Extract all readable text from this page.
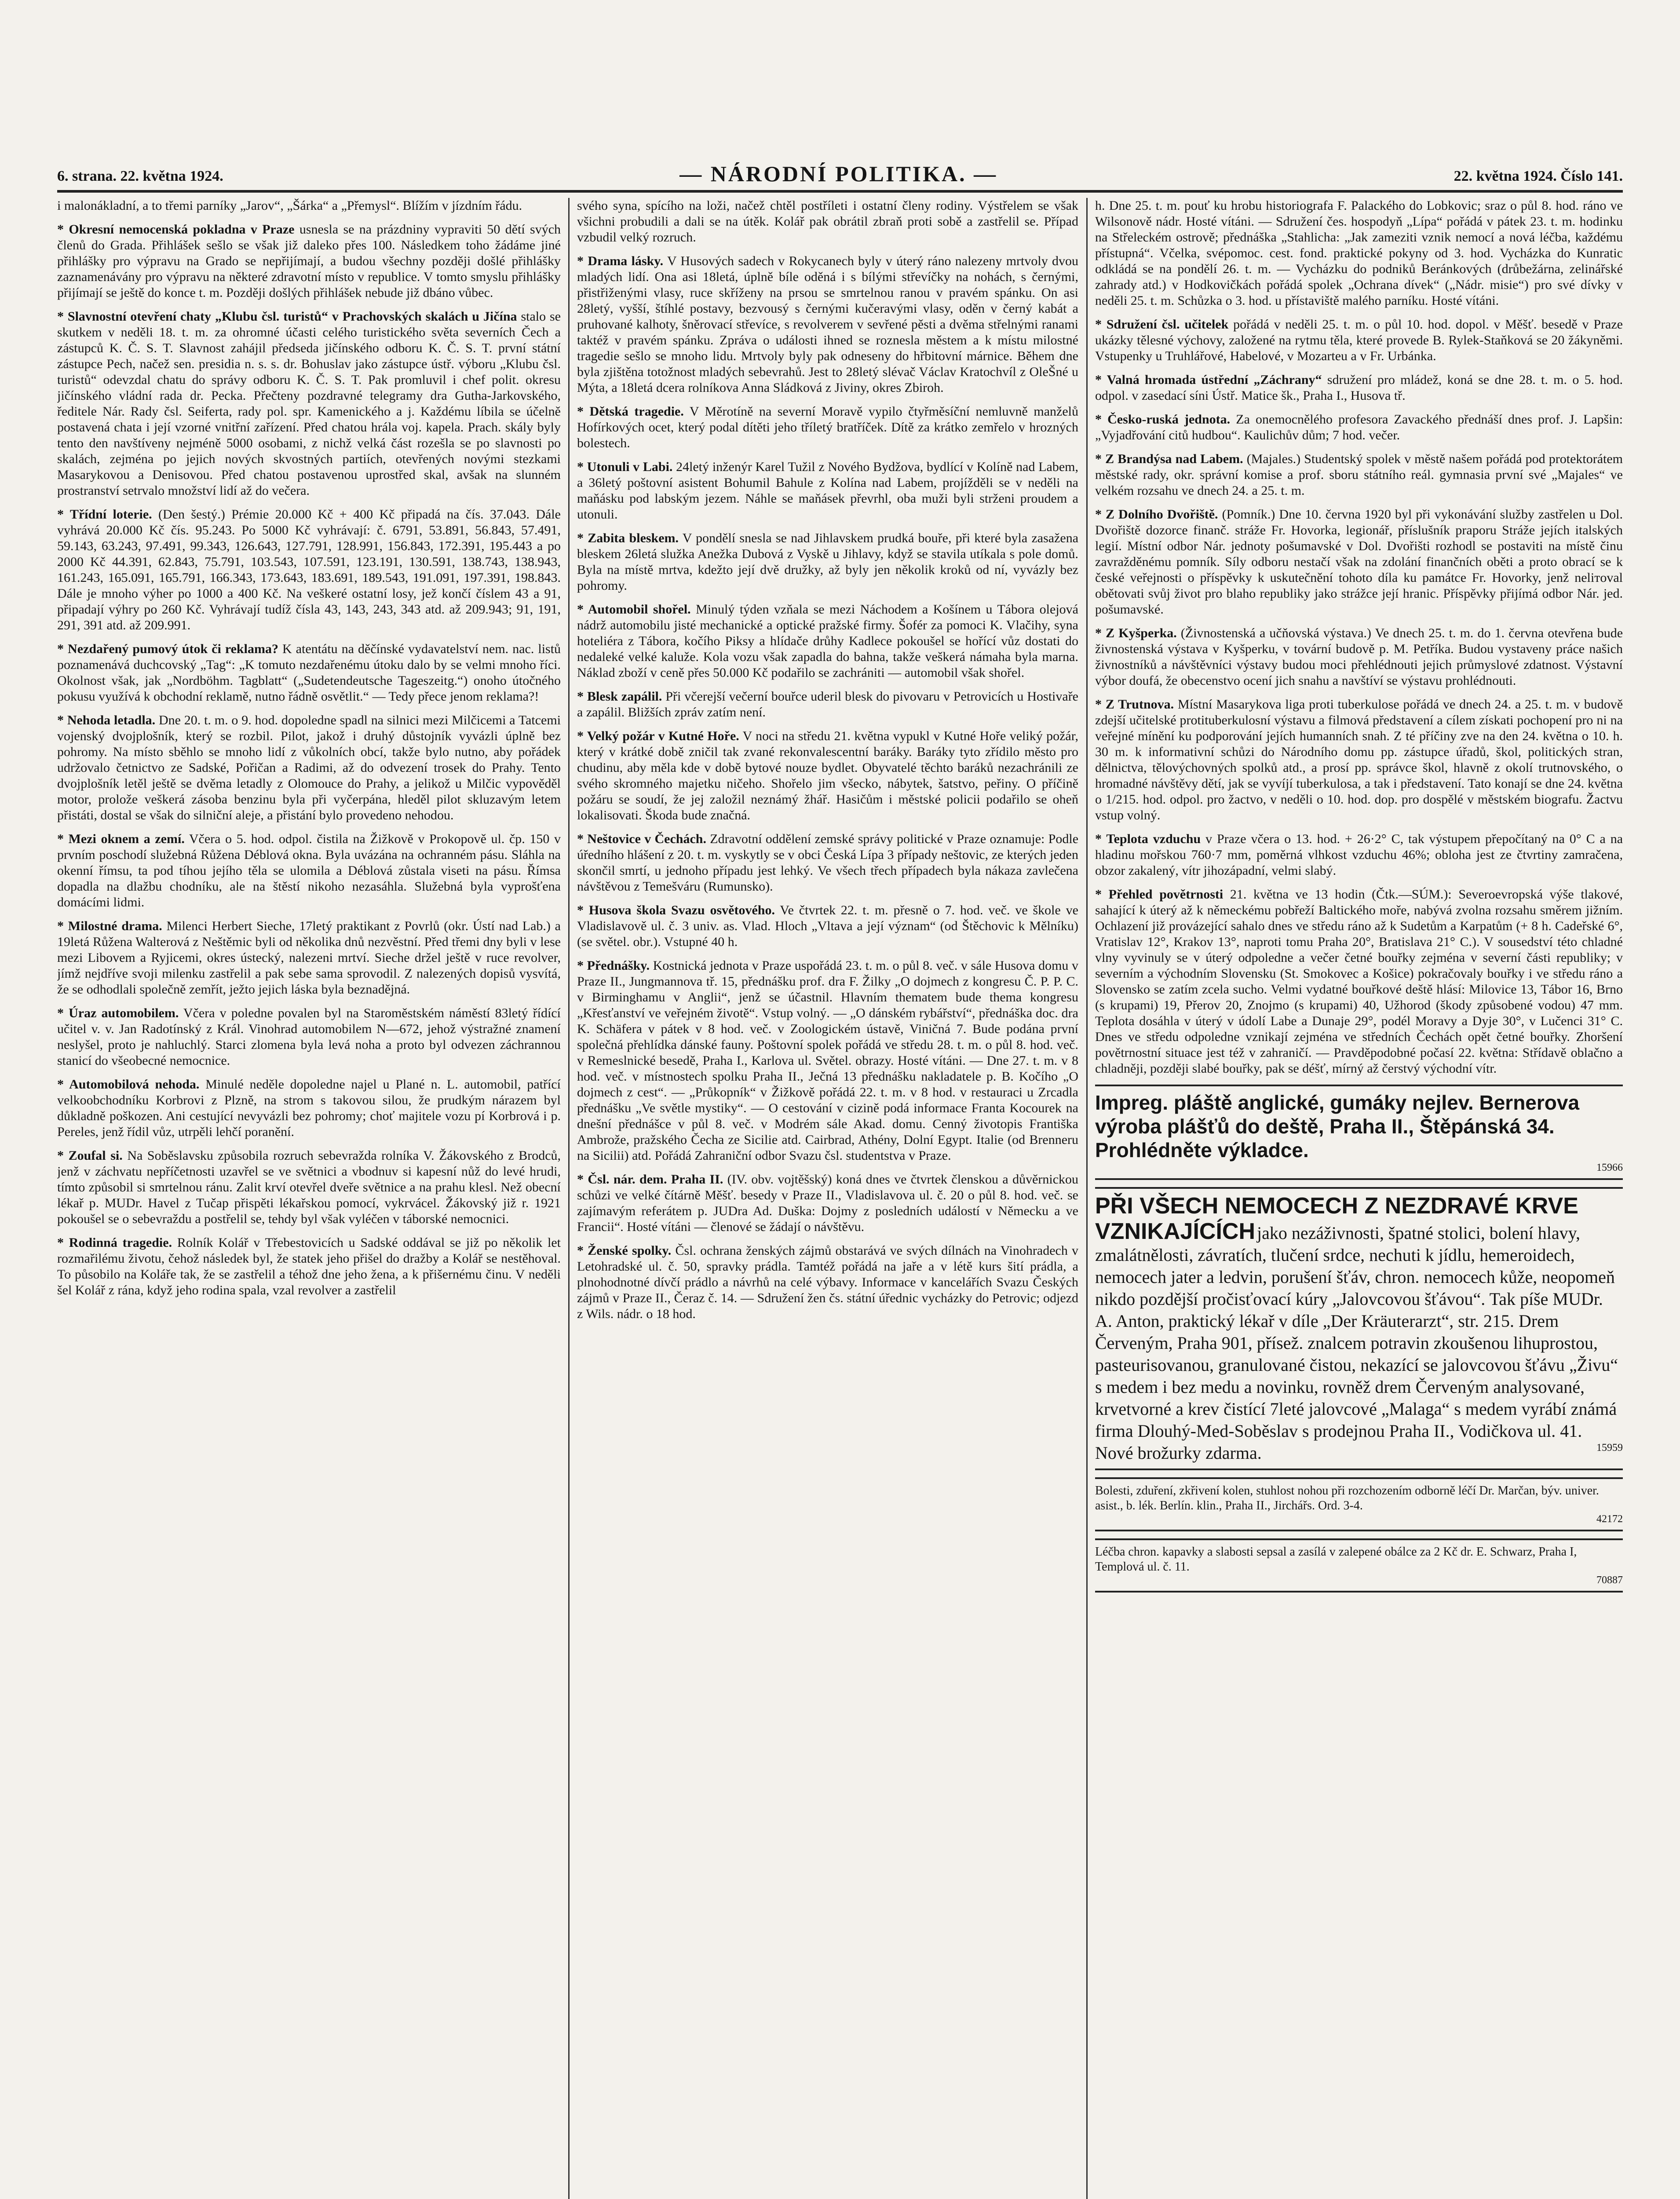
6. strana. 22. května 1924.	— NÁRODNÍ POLITIKA. —	22. května 1924. Číslo 141.

i malonákladní, a to třemi parníky „Jarov“, „Šárka“ a „Přemysl“. Blížím v jízdním řádu.

* Okresní nemocenská pokladna v Praze usnesla se na prázdniny vypraviti 50 dětí svých členů do Grada. Přihlášek sešlo se však již daleko přes 100. Následkem toho žádáme jiné přihlášky pro výpravu na Grado se nepřijímají, a budou všechny později došlé přihlášky zaznamenávány pro výpravu na některé zdravotní místo v republice. V tomto smyslu přihlášky přijímají se ještě do konce t. m. Později došlých přihlášek nebude již dbáno vůbec.

* Slavnostní otevření chaty „Klubu čsl. turistů“ v Prachovských skalách u Jičína stalo se skutkem v neděli 18. t. m. za ohromné účasti celého turistického světa severních Čech a zástupců K. Č. S. T. Slavnost zahájil předseda jičínského odboru K. Č. S. T. první státní zástupce Pech, načež sen. presidia n. s. s. dr. Bohuslav jako zástupce ústř. výboru „Klubu čsl. turistů“ odevzdal chatu do správy odboru K. Č. S. T. Pak promluvil i chef polit. okresu jičínského vládní rada dr. Pecka. Přečteny pozdravné telegramy dra Gutha-Jarkovského, ředitele Nár. Rady čsl. Seiferta, rady pol. spr. Kamenického a j. Každému líbila se účelně postavená chata i její vzorné vnitřní zařízení. Před chatou hrála voj. kapela. Prach. skály byly tento den navštíveny nejméně 5000 osobami, z nichž velká část rozešla se po slavnosti po skalách, zejména po jejich nových skvostných partiích, otevřených novými stezkami Masarykovou a Denisovou. Před chatou postavenou uprostřed skal, avšak na slunném prostranství setrvalo množství lidí až do večera.

* Třídní loterie. (Den šestý.) Prémie 20.000 Kč + 400 Kč připadá na čís. 37.043. Dále vyhrává 20.000 Kč čís. 95.243. Po 5000 Kč vyhrávají: č. 6791, 53.891, 56.843, 57.491, 59.143, 63.243, 97.491, 99.343, 126.643, 127.791, 128.991, 156.843, 172.391, 195.443 a po 2000 Kč 44.391, 62.843, 75.791, 103.543, 107.591, 123.191, 130.591, 138.743, 138.943, 161.243, 165.091, 165.791, 166.343, 173.643, 183.691, 189.543, 191.091, 197.391, 198.843. Dále je mnoho výher po 1000 a 400 Kč. Na veškeré ostatní losy, jež končí číslem 43 a 91, připadají výhry po 260 Kč. Vyhrávají tudíž čísla 43, 143, 243, 343 atd. až 209.943; 91, 191, 291, 391 atd. až 209.991.

* Nezdařený pumový útok či reklama? K atentátu na děčínské vydavatelství nem. nac. listů poznamenává duchcovský „Tag“: „K tomuto nezdařenému útoku dalo by se velmi mnoho říci. Okolnost však, jak „Nordböhm. Tagblatt“ („Sudetendeutsche Tageszeitg.“) onoho útočného pokusu využívá k obchodní reklamě, nutno řádně osvětlit.“ — Tedy přece jenom reklama?!

* Nehoda letadla. Dne 20. t. m. o 9. hod. dopoledne spadl na silnici mezi Milčicemi a Tatcemi vojenský dvojplošník, který se rozbil. Pilot, jakož i druhý důstojník vyvázli úplně bez pohromy. Na místo sběhlo se mnoho lidí z vůkolních obcí, takže bylo nutno, aby pořádek udržovalo četnictvo ze Sadské, Pořičan a Radimi, až do odvezení trosek do Prahy. Tento dvojplošník letěl ještě se dvěma letadly z Olomouce do Prahy, a jelikož u Milčic vypověděl motor, prolože veškerá zásoba benzinu byla při vyčerpána, hleděl pilot skluzavým letem přistáti, dostal se však do silniční aleje, a přistání bylo provedeno nehodou.

* Mezi oknem a zemí. Včera o 5. hod. odpol. čistila na Žižkově v Prokopově ul. čp. 150 v prvním poschodí služebná Růžena Déblová okna. Byla uvázána na ochranném pásu. Sláhla na okenní římsu, ta pod tíhou jejího těla se ulomila a Déblová zůstala viseti na pásu. Římsa dopadla na dlažbu chodníku, ale na štěstí nikoho nezasáhla. Služebná byla vyprošťena domácími lidmi.

* Milostné drama. Milenci Herbert Sieche, 17letý praktikant z Povrlů (okr. Ústí nad Lab.) a 19letá Růžena Walterová z Neštěmic byli od několika dnů nezvěstní. Před třemi dny byli v lese mezi Libovem a Ryjicemi, okres ústecký, nalezeni mrtví. Sieche držel ještě v ruce revolver, jímž nejdříve svoji milenku zastřelil a pak sebe sama sprovodil. Z nalezených dopisů vysvítá, že se odhodlali společně zemřít, ježto jejich láska byla beznadějná.

* Úraz automobilem. Včera v poledne povalen byl na Staroměstském náměstí 83letý řídící učitel v. v. Jan Radotínský z Král. Vinohrad automobilem N—672, jehož výstražné znamení neslyšel, proto je nahluchlý. Starci zlomena byla levá noha a proto byl odvezen záchrannou stanicí do všeobecné nemocnice.

* Automobilová nehoda. Minulé neděle dopoledne najel u Plané n. L. automobil, patřící velkoobchodníku Korbrovi z Plzně, na strom s takovou silou, že prudkým nárazem byl důkladně poškozen. Ani cestující nevyvázli bez pohromy; choť majitele vozu pí Korbrová i p. Pereles, jenž řídil vůz, utrpěli lehčí poranění.

* Zoufal si. Na Soběslavsku způsobila rozruch sebevražda rolníka V. Žákovského z Brodců, jenž v záchvatu nepříčetnosti uzavřel se ve světnici a vbodnuv si kapesní nůž do levé hrudi, tímto způsobil si smrtelnou ránu. Zalit krví otevřel dveře světnice a na prahu klesl. Než obecní lékař p. MUDr. Havel z Tučap přispěti lékařskou pomocí, vykrvácel. Žákovský již r. 1921 pokoušel se o sebevraždu a postřelil se, tehdy byl však vyléčen v táborské nemocnici.

* Rodinná tragedie. Rolník Kolář v Třebestovicích u Sadské oddával se již po několik let rozmařilému životu, čehož následek byl, že statek jeho přišel do dražby a Kolář se nestěhoval. To působilo na Koláře tak, že se zastřelil a téhož dne jeho žena, a k přišernému činu. V neděli šel Kolář z rána, když jeho rodina spala, vzal revolver a zastřelil

svého syna, spícího na loži, načež chtěl postříleti i ostatní členy rodiny. Výstřelem se však všichni probudili a dali se na útěk. Kolář pak obrátil zbraň proti sobě a zastřelil se. Případ vzbudil velký rozruch.

* Drama lásky. V Husových sadech v Rokycanech byly v úterý ráno nalezeny mrtvoly dvou mladých lidí. Ona asi 18letá, úplně bíle oděná i s bílými střevíčky na nohách, s černými, přistřiženými vlasy, ruce skříženy na prsou se smrtelnou ranou v pravém spánku. On asi 28letý, vyšší, štíhlé postavy, bezvousý s černými kučeravými vlasy, oděn v černý kabát a pruhované kalhoty, šněrovací střevíce, s revolverem v sevřené pěsti a dvěma střelnými ranami taktéž v pravém spánku. Zpráva o události ihned se roznesla městem a k místu milostné tragedie sešlo se mnoho lidu. Mrtvoly byly pak odneseny do hřbitovní márnice. Během dne byla zjištěna totožnost mladých sebevrahů. Jest to 28letý slévač Václav Kratochvíl z OleŠné u Mýta, a 18letá dcera rolníkova Anna Sládková z Jiviny, okres Zbiroh.

* Dětská tragedie. V Měrotíně na severní Moravě vypilo čtyřměsíční nemluvně manželů Hofírkových ocet, který podal dítěti jeho tříletý bratříček. Dítě za krátko zemřelo v hrozných bolestech.

* Utonuli v Labi. 24letý inženýr Karel Tužil z Nového Bydžova, bydlící v Kolíně nad Labem, a 36letý poštovní asistent Bohumil Bahule z Kolína nad Labem, projížděli se v neděli na maňásku pod labským jezem. Náhle se maňásek převrhl, oba muži byli strženi proudem a utonuli.

* Zabita bleskem. V pondělí snesla se nad Jihlavskem prudká bouře, při které byla zasažena bleskem 26letá služka Anežka Dubová z Vyskě u Jihlavy, když se stavila utíkala s pole domů. Byla na místě mrtva, kdežto její dvě družky, až byly jen několik kroků od ní, vyvázly bez pohromy.

* Automobil shořel. Minulý týden vzňala se mezi Náchodem a Košínem u Tábora olejová nádrž automobilu jisté mechanické a optické pražské firmy. Šofér za pomoci K. Vlačihy, syna hoteliéra z Tábora, kočího Piksy a hlídače drůhy Kadlece pokoušel se hořící vůz dostati do nedaleké velké kaluže. Kola vozu však zapadla do bahna, takže veškerá námaha byla marna. Náklad zboží v ceně přes 50.000 Kč podařilo se zachrániti — automobil však shořel.

* Blesk zapálil. Při včerejší večerní bouřce uderil blesk do pivovaru v Petrovicích u Hostivaře a zapálil. Bližších zpráv zatím není.

* Velký požár v Kutné Hoře. V noci na středu 21. května vypukl v Kutné Hoře veliký požár, který v krátké době zničil tak zvané rekonvalescentní baráky. Baráky tyto zřídilo město pro chudinu, aby měla kde v době bytové nouze bydlet. Obyvatelé těchto baráků nezachránili ze svého skromného majetku ničeho. Shořelo jim všecko, nábytek, šatstvo, peřiny. O příčině požáru se soudí, že jej založil neznámý žhář. Hasičům i městské policii podařilo se oheň lokalisovati. Škoda bude značná.

* Neštovice v Čechách. Zdravotní oddělení zemské správy politické v Praze oznamuje: Podle úředního hlášení z 20. t. m. vyskytly se v obci Česká Lípa 3 případy neštovic, ze kterých jeden skončil smrtí, u jednoho případu jest lehký. Ve všech třech případech byla nákaza zavlečena návštěvou z Temešváru (Rumunsko).

* Husova škola Svazu osvětového. Ve čtvrtek 22. t. m. přesně o 7. hod. več. ve škole ve Vladislavově ul. č. 3 univ. as. Vlad. Hloch „Vltava a její význam“ (od Štěchovic k Mělníku) (se světel. obr.). Vstupné 40 h.

* Přednášky. Kostnická jednota v Praze uspořádá 23. t. m. o půl 8. več. v sále Husova domu v Praze II., Jungmannova tř. 15, přednášku prof. dra F. Žilky „O dojmech z kongresu Č. P. P. C. v Birminghamu v Anglii“, jenž se účastnil. Hlavním thematem bude thema kongresu „Křesťanství ve veřejném životě“. Vstup volný. — „O dánském rybářství“, přednáška doc. dra K. Schäfera v pátek v 8 hod. več. v Zoologickém ústavě, Viničná 7. Bude podána první společná přehlídka dánské fauny. Poštovní spolek pořádá ve středu 28. t. m. o půl 8. hod. več. v Remeslnické besedě, Praha I., Karlova ul. Světel. obrazy. Hosté vítáni. — Dne 27. t. m. v 8 hod. več. v místnostech spolku Praha II., Ječná 13 přednášku nakladatele p. B. Kočího „O dojmech z cest“. — „Průkopník“ v Žižkově pořádá 22. t. m. v 8 hod. v restauraci u Zrcadla přednášku „Ve světle mystiky“. — O cestování v cizině podá informace Franta Kocourek na dnešní přednášce v půl 8. več. v Modrém sále Akad. domu. Cenný životopis Františka Ambrože, pražského Čecha ze Sicilie atd. Cairbrad, Athény, Dolní Egypt. Italie (od Brenneru na Sicilii) atd. Pořádá Zahraniční odbor Svazu čsl. studentstva v Praze.

* Čsl. nár. dem. Praha II. (IV. obv. vojtěšský) koná dnes ve čtvrtek členskou a důvěrnickou schůzi ve velké čítárně Měšť. besedy v Praze II., Vladislavova ul. č. 20 o půl 8. hod. več. se zajímavým referátem p. JUDra Ad. Duška: Dojmy z posledních událostí v Německu a ve Francii“. Hosté vítáni — členové se žádají o návštěvu.

* Ženské spolky. Čsl. ochrana ženských zájmů obstarává ve svých dílnách na Vinohradech v Letohradské ul. č. 50, spravky prádla. Tamtéž pořádá na jaře a v létě kurs šití prádla, a plnohodnotné dívčí prádlo a návrhů na celé výbavy. Informace v kancelářích Svazu Českých zájmů v Praze II., Čeraz č. 14. — Sdružení žen čs. státní úřednic vycházky do Petrovic; odjezd z Wils. nádr. o 18 hod.

h. Dne 25. t. m. pouť ku hrobu historiografa F. Palackého do Lobkovic; sraz o půl 8. hod. ráno ve Wilsonově nádr. Hosté vítáni. — Sdružení čes. hospodyň „Lípa“ pořádá v pátek 23. t. m. hodinku na Střeleckém ostrově; přednáška „Stahlicha: „Jak zameziti vznik nemocí a nová léčba, každému přístupná“. Včelka, svépomoc. cest. fond. praktické pokyny od 3. hod. Vycházka do Kunratic odkládá se na pondělí 26. t. m. — Vycházku do podniků Beránkových (drůbežárna, zelinářské zahrady atd.) v Hodkovičkách pořádá spolek „Ochrana dívek“ („Nádr. misie“) pro své dívky v neděli 25. t. m. Schůzka o 3. hod. u přístaviště malého parníku. Hosté vítáni.

* Sdružení čsl. učitelek pořádá v neděli 25. t. m. o půl 10. hod. dopol. v Měšť. besedě v Praze ukázky tělesné výchovy, založené na rytmu těla, které provede B. Rylek-Staňková se 20 žákyněmi. Vstupenky u Truhlářové, Habelové, v Mozarteu a v Fr. Urbánka.

* Valná hromada ústřední „Záchrany“ sdružení pro mládež, koná se dne 28. t. m. o 5. hod. odpol. v zasedací síni Ústř. Matice šk., Praha I., Husova tř.

* Česko-ruská jednota. Za onemocnělého profesora Zavackého přednáší dnes prof. J. Lapšin: „Vyjadřování citů hudbou“. Kaulichův dům; 7 hod. večer.

* Z Brandýsa nad Labem. (Majales.) Studentský spolek v městě našem pořádá pod protektorátem městské rady, okr. správní komise a prof. sboru státního reál. gymnasia první své „Majales“ ve velkém rozsahu ve dnech 24. a 25. t. m.

* Z Dolního Dvořiště. (Pomník.) Dne 10. června 1920 byl při vykonávání služby zastřelen u Dol. Dvořiště dozorce finanč. stráže Fr. Hovorka, legionář, příslušník praporu Stráže jejích italských legií. Místní odbor Nár. jednoty pošumavské v Dol. Dvořišti rozhodl se postaviti na místě činu zavražděnému pomník. Síly odboru nestačí však na zdolání finančních oběti a proto obrací se k české veřejnosti o příspěvky k uskutečnění tohoto díla ku památce Fr. Hovorky, jenž neliтoval obětovati svůj život pro blaho republiky jako strážce její hranic. Příspěvky přijímá odbor Nár. jed. pošumavské.

* Z Kyšperka. (Živnostenská a učňovská výstava.) Ve dnech 25. t. m. do 1. června otevřena bude živnostenská výstava v Kyšperku, v tovární budově p. M. Petříka. Budou vystaveny práce našich živnostníků a návštěvníci výstavy budou moci přehlédnouti jejich průmyslové zdatnost. Výstavní výbor doufá, že obecenstvo ocení jich snahu a navštíví se výstavu prohlédnouti.

* Z Trutnova. Místní Masarykova liga proti tuberkulose pořádá ve dnech 24. a 25. t. m. v budově zdejší učitelské protituberkulosní výstavu a filmová představení a cílem získati pochopení pro ni na veřejné mínění ku podporování jejích humanních snah. Z té příčiny zve na den 24. května o 10. h. 30 m. k informativní schůzi do Národního domu pp. zástupce úřadů, škol, politických stran, dělnictva, tělovýchovných spolků atd., a prosí pp. správce škol, hlavně z okolí trutnovského, o hromadné návštěvy dětí, jak se vyvíjí tuberkulosa, a tak i představení. Tato konají se dne 24. května o 1/215. hod. odpol. pro žactvo, v neděli o 10. hod. dop. pro dospělé v městském biografu. Žactvu vstup volný.

* Teplota vzduchu v Praze včera o 13. hod. + 26·2° C, tak výstupem přepočítaný na 0° C a na hladinu mořskou 760·7 mm, poměrná vlhkost vzduchu 46%; obloha jest ze čtvrtiny zamračena, obzor zakalený, vítr jihozápadní, velmi slabý.

* Přehled povětrnosti 21. května ve 13 hodin (Čtk.—SÚM.): Severoevropská výše tlakové, sahající k úterý až k německému pobřeží Baltického moře, nabývá zvolna rozsahu směrem jižním. Ochlazení již provázející sahalo dnes ve středu ráno až k Sudetům a Karpatům (+ 8 h. Cadeřské 6°, Vratislav 12°, Krakov 13°, naproti tomu Praha 20°, Bratislava 21° C.). V sousedství této chladné vlny vyvinuly se v úterý odpoledne a večer četné bouřky zejména v severní části republiky; v severním a východním Slovensku (St. Smokovec a Košice) pokračovaly bouřky i ve středu ráno a Slovensko se zatím zcela sucho. Velmi vydatné bouřkové deště hlásí: Milovice 13, Tábor 16, Brno (s krupami) 19, Přerov 20, Znojmo (s krupami) 40, Užhorod (škody způsobené vodou) 47 mm. Teplota dosáhla v úterý v údolí Labe a Dunaje 29°, podél Moravy a Dyje 30°, v Lučenci 31° C. Dnes ve středu odpoledne vznikají zejména ve středních Čechách opět četné bouřky. Zhoršení povětrnostní situace jest též v zahraničí. — Pravděpodobné počasí 22. května: Střídavě oblačno a chladněji, později slabé bouřky, pak se déšť, mírný až čerstvý východní vítr.

Impreg. pláště anglické, gumáky nejlev. Bernerova výroba plášťů do deště, Praha II., Štěpánská 34. Prohlédněte výkladce.
15966
PŘI VŠECH NEMOCECH Z NEZDRAVÉ KRVE VZNIKAJÍCÍCH jako nezáživnosti, špatné stolici, bolení hlavy, zmalátnělosti, závratích, tlučení srdce, nechuti k jídlu, hemeroidech, nemocech jater a ledvin, porušení šťáv, chron. nemocech kůže, neopomeň nikdo pozdější pročisťovací kúry „Jalovcovou šťávou“. Tak píše MUDr. A. Anton, praktický lékař v díle „Der Kräuterarzt“, str. 215. Drem Červeným, Praha 901, přísež. znalcem potravin zkoušenou lihuprostou, pasteurisovanou, granulované čistou, nekazící se jalovcovou šťávu „Živu“ s medem i bez medu a novinku, rovněž drem Červeným analysované, krvetvorné a krev čistící 7leté jalovcové „Malaga“ s medem vyrábí známá firma Dlouhý-Med-Soběslav s prodejnou Praha II., Vodičkova ul. 41. Nové brožurky zdarma.	15959
Bolesti, zduření, zkřivení kolen, stuhlost nohou při rozchozením odborně léčí Dr. Marčan, býv. univer. asist., b. lék. Berlín. klin., Praha II., Jirchářs. Ord. 3-4.
42172
Léčba chron. kapavky a slabosti sepsal a zasílá v zalepené obálce za 2 Kč dr. E. Schwarz, Praha I, Templová ul. č. 11.
70887
